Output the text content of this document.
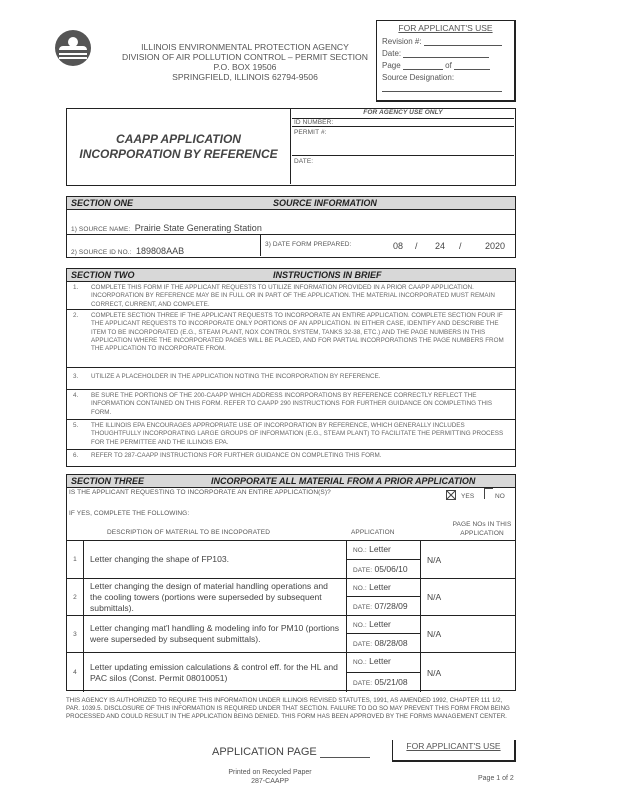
ILLINOIS ENVIRONMENTAL PROTECTION AGENCY
DIVISION OF AIR POLLUTION CONTROL – PERMIT SECTION
P.O. BOX 19506
SPRINGFIELD, ILLINOIS 62794-9506
FOR APPLICANT'S USE
Revision #:
Date:
Page	of
Source Designation:
CAAPP APPLICATION
INCORPORATION BY REFERENCE
FOR AGENCY USE ONLY
ID NUMBER:
PERMIT #:
DATE:
SECTION ONE	SOURCE INFORMATION
1) SOURCE NAME: Prairie State Generating Station
2) SOURCE ID NO.: 189808AAB
3) DATE FORM PREPARED:	08	/	24	/	2020
SECTION TWO	INSTRUCTIONS IN BRIEF
1. COMPLETE THIS FORM IF THE APPLICANT REQUESTS TO UTILIZE INFORMATION PROVIDED IN A PRIOR CAAPP APPLICATION. INCORPORATION BY REFERENCE MAY BE IN FULL OR IN PART OF THE APPLICATION. THE MATERIAL INCORPORATED MUST REMAIN CORRECT, CURRENT, AND COMPLETE.
2. COMPLETE SECTION THREE IF THE APPLICANT REQUESTS TO INCORPORATE AN ENTIRE APPLICATION. COMPLETE SECTION FOUR IF THE APPLICANT REQUESTS TO INCORPORATE ONLY PORTIONS OF AN APPLICATION. IN EITHER CASE, IDENTIFY AND DESCRIBE THE ITEM TO BE INCORPORATED (E.G., STEAM PLANT, NOX CONTROL SYSTEM, TANKS 32-38, ETC.) AND THE PAGE NUMBERS IN THIS APPLICATION WHERE THE INCORPORATED PAGES WILL BE PLACED, AND FOR PARTIAL INCORPORATIONS THE PAGE NUMBERS FROM THE APPLICATION TO INCORPORATE FROM.
3. UTILIZE A PLACEHOLDER IN THE APPLICATION NOTING THE INCORPORATION BY REFERENCE.
4. BE SURE THE PORTIONS OF THE 200-CAAPP WHICH ADDRESS INCORPORATIONS BY REFERENCE CORRECTLY REFLECT THE INFORMATION CONTAINED ON THIS FORM. REFER TO CAAPP 290 INSTRUCTIONS FOR FURTHER GUIDANCE ON COMPLETING THIS FORM.
5. THE ILLINOIS EPA ENCOURAGES APPROPRIATE USE OF INCORPORATION BY REFERENCE, WHICH GENERALLY INCLUDES THOUGHTFULLY INCORPORATING LARGE GROUPS OF INFORMATION (E.G., STEAM PLANT) TO FACILITATE THE PERMITTING PROCESS FOR THE PERMITTEE AND THE ILLINOIS EPA.
6. REFER TO 287-CAAPP INSTRUCTIONS FOR FURTHER GUIDANCE ON COMPLETING THIS FORM.
SECTION THREE	INCORPORATE ALL MATERIAL FROM A PRIOR APPLICATION
IS THE APPLICANT REQUESTING TO INCORPORATE AN ENTIRE APPLICATION(S)?
YES	NO
IF YES, COMPLETE THE FOLLOWING:
DESCRIPTION OF MATERIAL TO BE INCOPORATED	APPLICATION
PAGE NOs IN THIS APPLICATION
1	Letter changing the shape of FP103.
NO.: Letter
DATE: 05/06/10
N/A
2
Letter changing the design of material handling operations and the cooling towers (portions were superseded by subsequent submittals).
NO.: Letter
DATE: 07/28/09
N/A
3
Letter changing mat'l handling & modeling info for PM10 (portions were superseded by subsequent submittals).
NO.: Letter
DATE: 08/28/08
N/A
4
Letter updating emission calculations & control eff. for the HL and PAC silos (Const. Permit 08010051)
NO.: Letter
DATE: 05/21/08
N/A
THIS AGENCY IS AUTHORIZED TO REQUIRE THIS INFORMATION UNDER ILLINOIS REVISED STATUTES, 1991, AS AMENDED 1992, CHAPTER 111 1/2, PAR. 1039.5. DISCLOSURE OF THIS INFORMATION IS REQUIRED UNDER THAT SECTION. FAILURE TO DO SO MAY PREVENT THIS FORM FROM BEING PROCESSED AND COULD RESULT IN THE APPLICATION BEING DENIED. THIS FORM HAS BEEN APPROVED BY THE FORMS MANAGEMENT CENTER.
APPLICATION PAGE	FOR APPLICANT'S USE
Printed on Recycled Paper
287-CAAPP	Page 1 of 2
